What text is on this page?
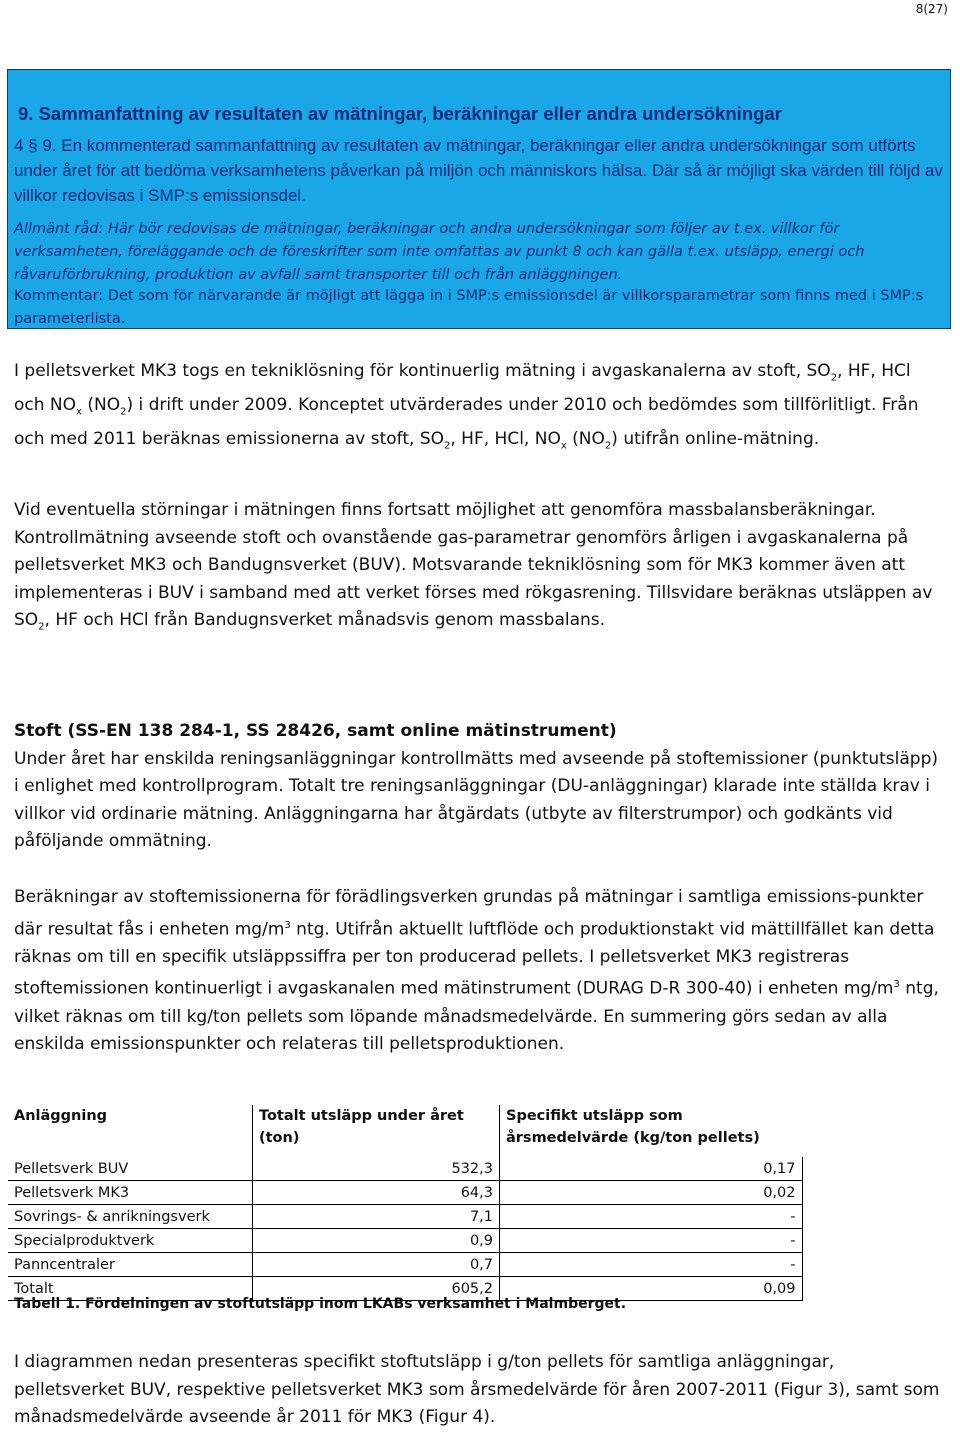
8(27)
9. Sammanfattning av resultaten av mätningar, beräkningar eller andra undersökningar
4 § 9. En kommenterad sammanfattning av resultaten av mätningar, beräkningar eller andra undersökningar som utförts under året för att bedöma verksamhetens påverkan på miljön och människors hälsa. Där så är möjligt ska värden till följd av villkor redovisas i SMP:s emissionsdel.
Allmänt råd: Här bör redovisas de mätningar, beräkningar och andra undersökningar som följer av t.ex. villkor för verksamheten, föreläggande och de föreskrifter som inte omfattas av punkt 8 och kan gälla t.ex. utsläpp, energi och råvaruförbrukning, produktion av avfall samt transporter till och från anläggningen.
Kommentar: Det som för närvarande är möjligt att lägga in i SMP:s emissionsdel är villkorsparametrar som finns med i SMP:s parameterlista.
I pelletsverket MK3 togs en tekniklösning för kontinuerlig mätning i avgaskanalerna av stoft, $SO_2$, HF, HCl och $NO_x$ $(NO_2)$ i drift under 2009. Konceptet utvärderades under 2010 och bedömdes som tillförlitligt. Från och med 2011 beräknas emissionerna av stoft, $SO_2$, HF, HCl, $NO_x$ $(NO_2)$ utifrån online-mätning.
Vid eventuella störningar i mätningen finns fortsatt möjlighet att genomföra massbalansberäkningar. Kontrollmätning avseende stoft och ovanstående gas-parametrar genomförs årligen i avgaskanalerna på pelletsverket MK3 och Bandugnsverket (BUV). Motsvarande tekniklösning som för MK3 kommer även att implementeras i BUV i samband med att verket förses med rökgasrening. Tillsvidare beräknas utsläppen av $SO_2$, HF och HCl från Bandugnsverket månadsvis genom massbalans.
Stoft (SS-EN 138 284-1, SS 28426, samt online mätinstrument)
Under året har enskilda reningsanläggningar kontrollmätts med avseende på stoftemissioner (punktutsläpp) i enlighet med kontrollprogram. Totalt tre reningsanläggningar (DU-anläggningar) klarade inte ställda krav i villkor vid ordinarie mätning. Anläggningarna har åtgärdats (utbyte av filterstrumpor) och godkänts vid påföljande ommätning.
Beräkningar av stoftemissionerna för förädlingsverken grundas på mätningar i samtliga emissions-punkter där resultat fås i enheten $mg/m^3$ ntg. Utifrån aktuellt luftflöde och produktionstakt vid mättillfället kan detta räknas om till en specifik utsläppssiffra per ton producerad pellets. I pelletsverket MK3 registreras stoftemissionen kontinuerligt i avgaskanalen med mätinstrument (DURAG D-R 300-40) i enheten $mg/m^3$ ntg, vilket räknas om till kg/ton pellets som löpande månadsmedelvärde. En summering görs sedan av alla enskilda emissionspunkter och relateras till pelletsproduktionen.
Anläggning	Totalt utsläpp under året (ton)	Specifikt utsläpp som årsmedelvärde (kg/ton pellets)
Pelletsverk BUV	532,3	0,17
Pelletsverk MK3	64,3	0,02
Sovrings- & anrikningsverk	7,1	-
Specialproduktverk	0,9	-
Panncentraler	0,7	-
Totalt	605,2	0,09
Tabell 1. Fördelningen av stoftutsläpp inom LKABs verksamhet i Malmberget.
I diagrammen nedan presenteras specifikt stoftutsläpp i g/ton pellets för samtliga anläggningar, pelletsverket BUV, respektive pelletsverket MK3 som årsmedelvärde för åren 2007-2011 (Figur 3), samt som månadsmedelvärde avseende år 2011 för MK3 (Figur 4).
